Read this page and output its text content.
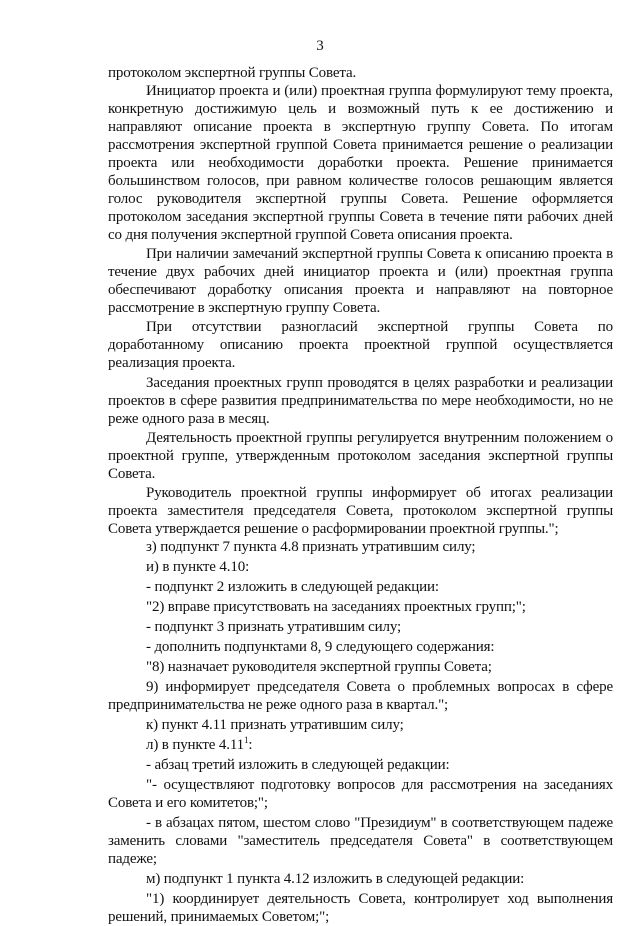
3

протоколом экспертной группы Совета.

Инициатор проекта и (или) проектная группа формулируют тему проекта, конкретную достижимую цель и возможный путь к ее достижению и направляют описание проекта в экспертную группу Совета. По итогам рассмотрения экспертной группой Совета принимается решение о реализации проекта или необходимости доработки проекта. Решение принимается большинством голосов, при равном количестве голосов решающим является голос руководителя экспертной группы Совета. Решение оформляется протоколом заседания экспертной группы Совета в течение пяти рабочих дней со дня получения экспертной группой Совета описания проекта.

При наличии замечаний экспертной группы Совета к описанию проекта в течение двух рабочих дней инициатор проекта и (или) проектная группа обеспечивают доработку описания проекта и направляют на повторное рассмотрение в экспертную группу Совета.

При отсутствии разногласий экспертной группы Совета по доработанному описанию проекта проектной группой осуществляется реализация проекта.

Заседания проектных групп проводятся в целях разработки и реализации проектов в сфере развития предпринимательства по мере необходимости, но не реже одного раза в месяц.

Деятельность проектной группы регулируется внутренним положением о проектной группе, утвержденным протоколом заседания экспертной группы Совета.

Руководитель проектной группы информирует об итогах реализации проекта заместителя председателя Совета, протоколом экспертной группы Совета утверждается решение о расформировании проектной группы.";

з) подпункт 7 пункта 4.8 признать утратившим силу;

и) в пункте 4.10:

- подпункт 2 изложить в следующей редакции:

"2) вправе присутствовать на заседаниях проектных групп;";

- подпункт 3 признать утратившим силу;

- дополнить подпунктами 8, 9 следующего содержания:

"8) назначает руководителя экспертной группы Совета;

9) информирует председателя Совета о проблемных вопросах в сфере предпринимательства не реже одного раза в квартал.";

к) пункт 4.11 признать утратившим силу;

л) в пункте 4.11$^1$:

- абзац третий изложить в следующей редакции:

"- осуществляют подготовку вопросов для рассмотрения на заседаниях Совета и его комитетов;";

- в абзацах пятом, шестом слово "Президиум" в соответствующем падеже заменить словами "заместитель председателя Совета" в соответствующем падеже;

м) подпункт 1 пункта 4.12 изложить в следующей редакции:

"1) координирует деятельность Совета, контролирует ход выполнения решений, принимаемых Советом;";
